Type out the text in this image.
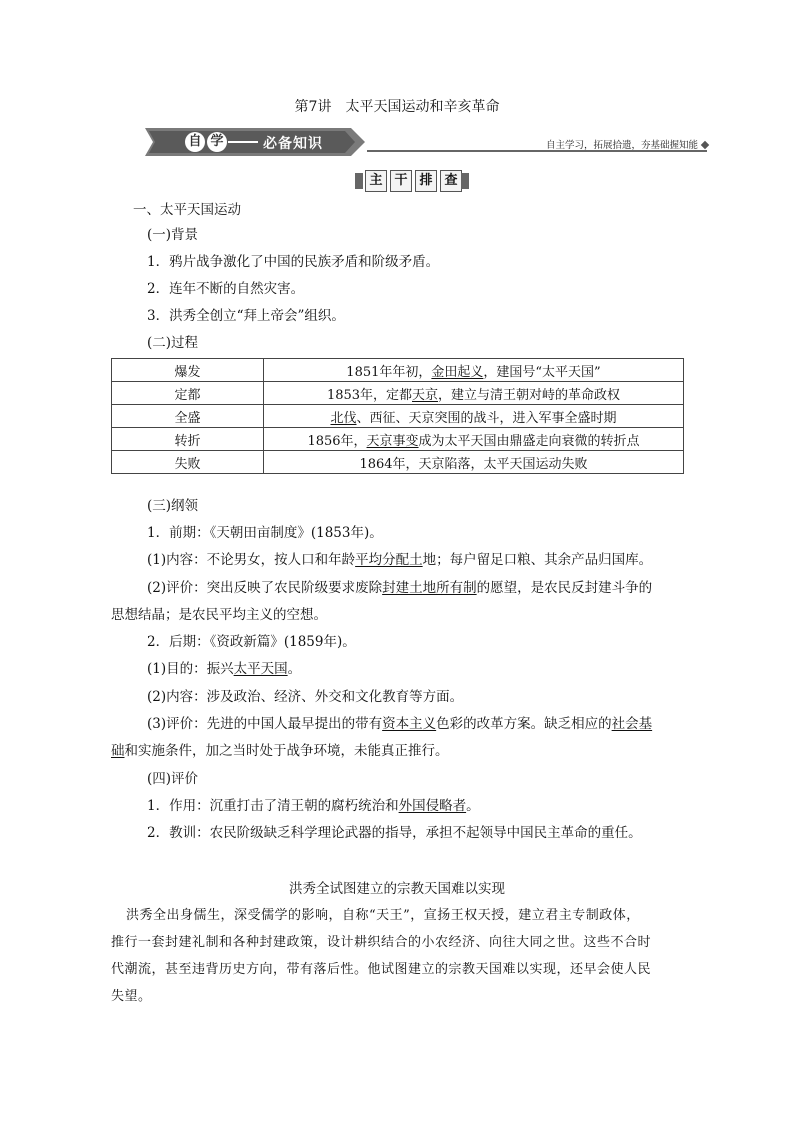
第7讲　太平天国运动和辛亥革命
自 学	必备知识	自主学习，拓展拾遗，夯基础握知能
主 干 排 查
一、太平天国运动
(一)背景
1．鸦片战争激化了中国的民族矛盾和阶级矛盾。
2．连年不断的自然灾害。
3．洪秀全创立“拜上帝会”组织。
(二)过程
爆发	1851年年初，金田起义，建国号“太平天国”
定都	1853年，定都天京，建立与清王朝对峙的革命政权
全盛	北伐、西征、天京突围的战斗，进入军事全盛时期
转折	1856年，天京事变成为太平天国由鼎盛走向衰微的转折点
失败	1864年，天京陷落，太平天国运动失败
(三)纲领
1．前期：《天朝田亩制度》(1853年)。
(1)内容：不论男女，按人口和年龄平均分配土地；每户留足口粮、其余产品归国库。
(2)评价：突出反映了农民阶级要求废除封建土地所有制的愿望，是农民反封建斗争的
思想结晶；是农民平均主义的空想。
2．后期：《资政新篇》(1859年)。
(1)目的：振兴太平天国。
(2)内容：涉及政治、经济、外交和文化教育等方面。
(3)评价：先进的中国人最早提出的带有资本主义色彩的改革方案。缺乏相应的社会基
础和实施条件，加之当时处于战争环境，未能真正推行。
(四)评价
1．作用：沉重打击了清王朝的腐朽统治和外国侵略者。
2．教训：农民阶级缺乏科学理论武器的指导，承担不起领导中国民主革命的重任。
洪秀全试图建立的宗教天国难以实现
洪秀全出身儒生，深受儒学的影响，自称“天王”，宣扬王权天授，建立君主专制政体，
推行一套封建礼制和各种封建政策，设计耕织结合的小农经济、向往大同之世。这些不合时
代潮流，甚至违背历史方向，带有落后性。他试图建立的宗教天国难以实现，还早会使人民
失望。
